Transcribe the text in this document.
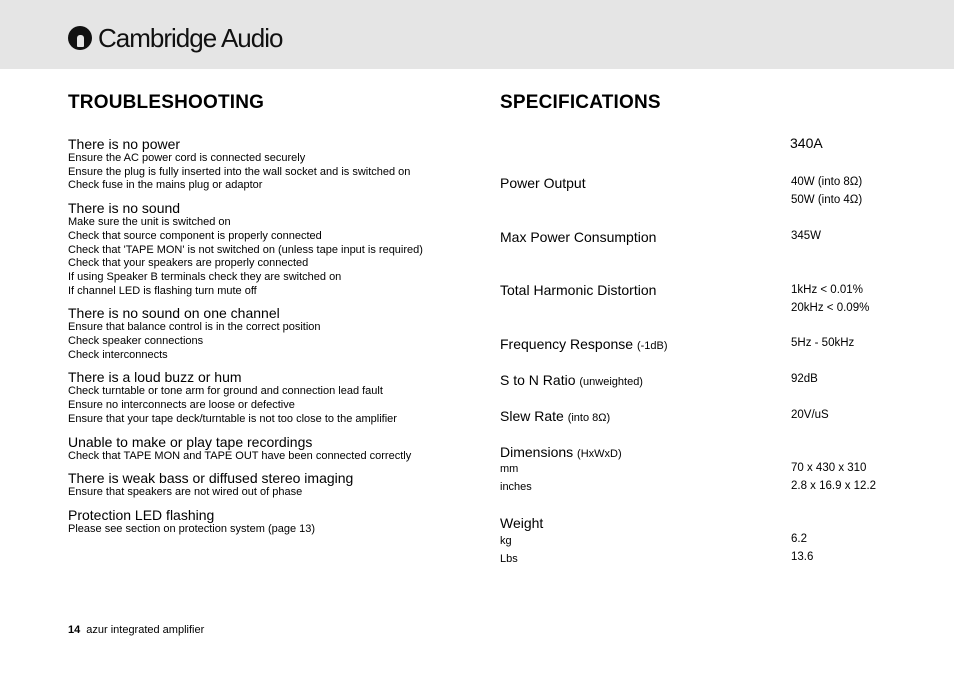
Cambridge Audio
TROUBLESHOOTING
There is no power
Ensure the AC power cord is connected securely
Ensure the plug is fully inserted into the wall socket and is switched on
Check fuse in the mains plug or adaptor
There is no sound
Make sure the unit is switched on
Check that source component is properly connected
Check that 'TAPE MON' is not switched on (unless tape input is required)
Check that your speakers are properly connected
If using Speaker B terminals check they are switched on
If channel LED is flashing turn mute off
There is no sound on one channel
Ensure that balance control is in the correct position
Check speaker connections
Check interconnects
There is a loud buzz or hum
Check turntable or tone arm for ground and connection lead fault
Ensure no interconnects are loose or defective
Ensure that your tape deck/turntable is not too close to the amplifier
Unable to make or play tape recordings
Check that TAPE MON and TAPE OUT have been connected correctly
There is weak bass or diffused stereo imaging
Ensure that speakers are not wired out of phase
Protection LED flashing
Please see section on protection system (page 13)
SPECIFICATIONS
340A
Power Output	40W (into 8Ω)
50W (into 4Ω)
Max Power Consumption	345W
Total Harmonic Distortion	1kHz < 0.01%
20kHz < 0.09%
Frequency Response (-1dB)	5Hz - 50kHz
S to N Ratio (unweighted)	92dB
Slew Rate (into 8Ω)	20V/uS
Dimensions (HxWxD)
mm	70 x 430 x 310
inches	2.8 x 16.9 x 12.2
Weight
kg	6.2
Lbs	13.6
14 azur integrated amplifier
